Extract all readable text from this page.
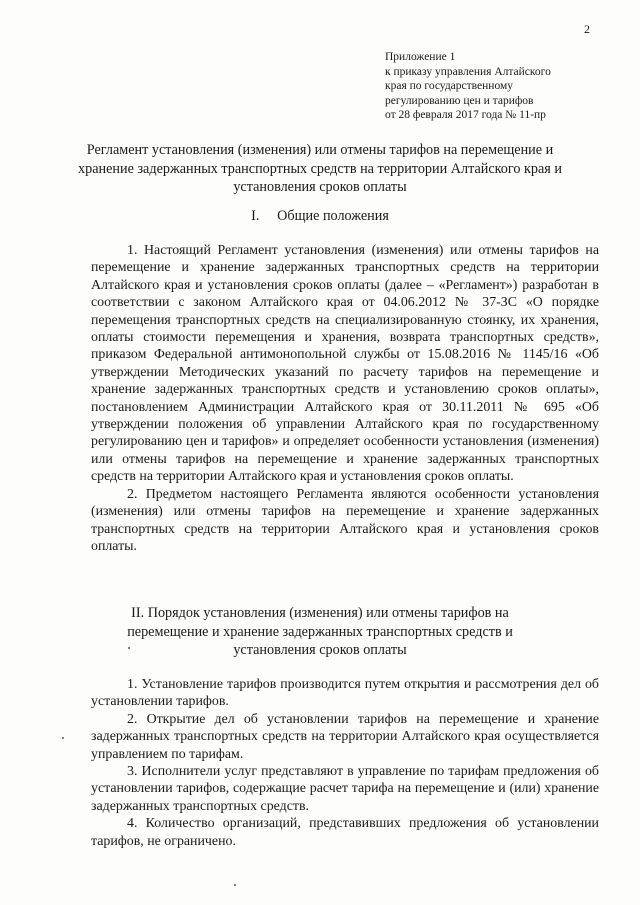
2
Приложение 1
к приказу управления Алтайского
края по государственному
регулированию цен и тарифов
от 28 февраля 2017 года № 11-пр
Регламент установления (изменения) или отмены тарифов на перемещение и хранение задержанных транспортных средств на территории Алтайского края и установления сроков оплаты
I.     Общие положения

1. Настоящий Регламент установления (изменения) или отмены тарифов на перемещение и хранение задержанных транспортных средств на территории Алтайского края и установления сроков оплаты (далее – «Регламент») разработан в соответствии с законом Алтайского края от 04.06.2012 № 37-ЗС «О порядке перемещения транспортных средств на специализированную стоянку, их хранения, оплаты стоимости перемещения и хранения, возврата транспортных средств», приказом Федеральной антимонопольной службы от 15.08.2016 № 1145/16 «Об утверждении Методических указаний по расчету тарифов на перемещение и хранение задержанных транспортных средств и установлению сроков оплаты», постановлением Администрации Алтайского края от 30.11.2011 № 695 «Об утверждении положения об управлении Алтайского края по государственному регулированию цен и тарифов» и определяет особенности установления (изменения) или отмены тарифов на перемещение и хранение задержанных транспортных средств на территории Алтайского края и установления сроков оплаты.

2. Предметом настоящего Регламента являются особенности установления (изменения) или отмены тарифов на перемещение и хранение задержанных транспортных средств на территории Алтайского края и установления сроков оплаты.

II. Порядок установления (изменения) или отмены тарифов на перемещение и хранение задержанных транспортных средств и установления сроков оплаты

1. Установление тарифов производится путем открытия и рассмотрения дел об установлении тарифов.

2. Открытие дел об установлении тарифов на перемещение и хранение задержанных транспортных средств на территории Алтайского края осуществляется управлением по тарифам.

3. Исполнители услуг представляют в управление по тарифам предложения об установлении тарифов, содержащие расчет тарифа на перемещение и (или) хранение задержанных транспортных средств.

4. Количество организаций, представивших предложения об установлении тарифов, не ограничено.
